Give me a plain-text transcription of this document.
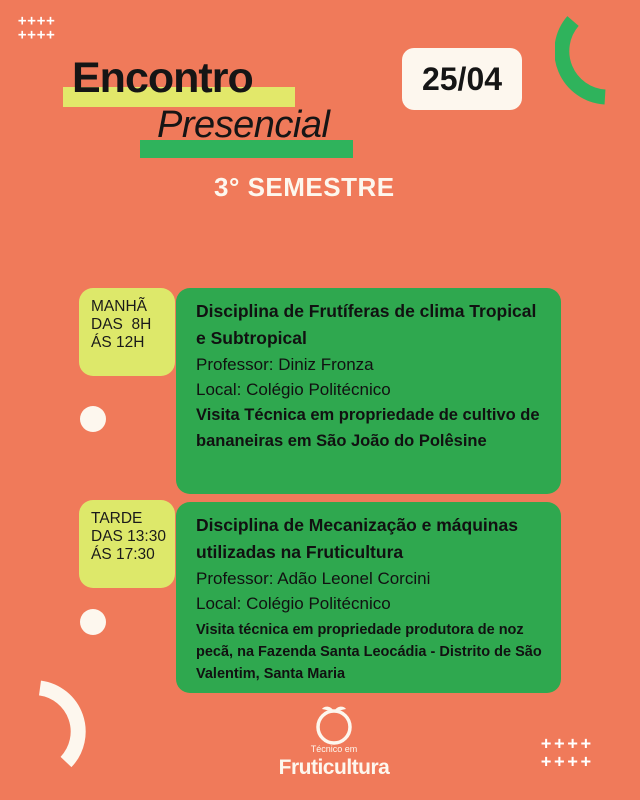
++++
++++
Encontro
Presencial
25/04
3° SEMESTRE
MANHÃ
DAS  8H
ÁS 12H

Disciplina de Frutíferas de clima Tropical e Subtropical

Professor: Diniz Fronza

Local: Colégio Politécnico

Visita Técnica em propriedade de cultivo de bananeiras em São João do Polêsine

TARDE
DAS 13:30
ÁS 17:30

Disciplina de Mecanização e máquinas utilizadas na Fruticultura

Professor: Adão Leonel Corcini

Local: Colégio Politécnico

Visita técnica em propriedade produtora de noz pecã, na Fazenda Santa Leocádia - Distrito de São Valentim, Santa Maria

Técnico em
Fruticultura
++++
++++
